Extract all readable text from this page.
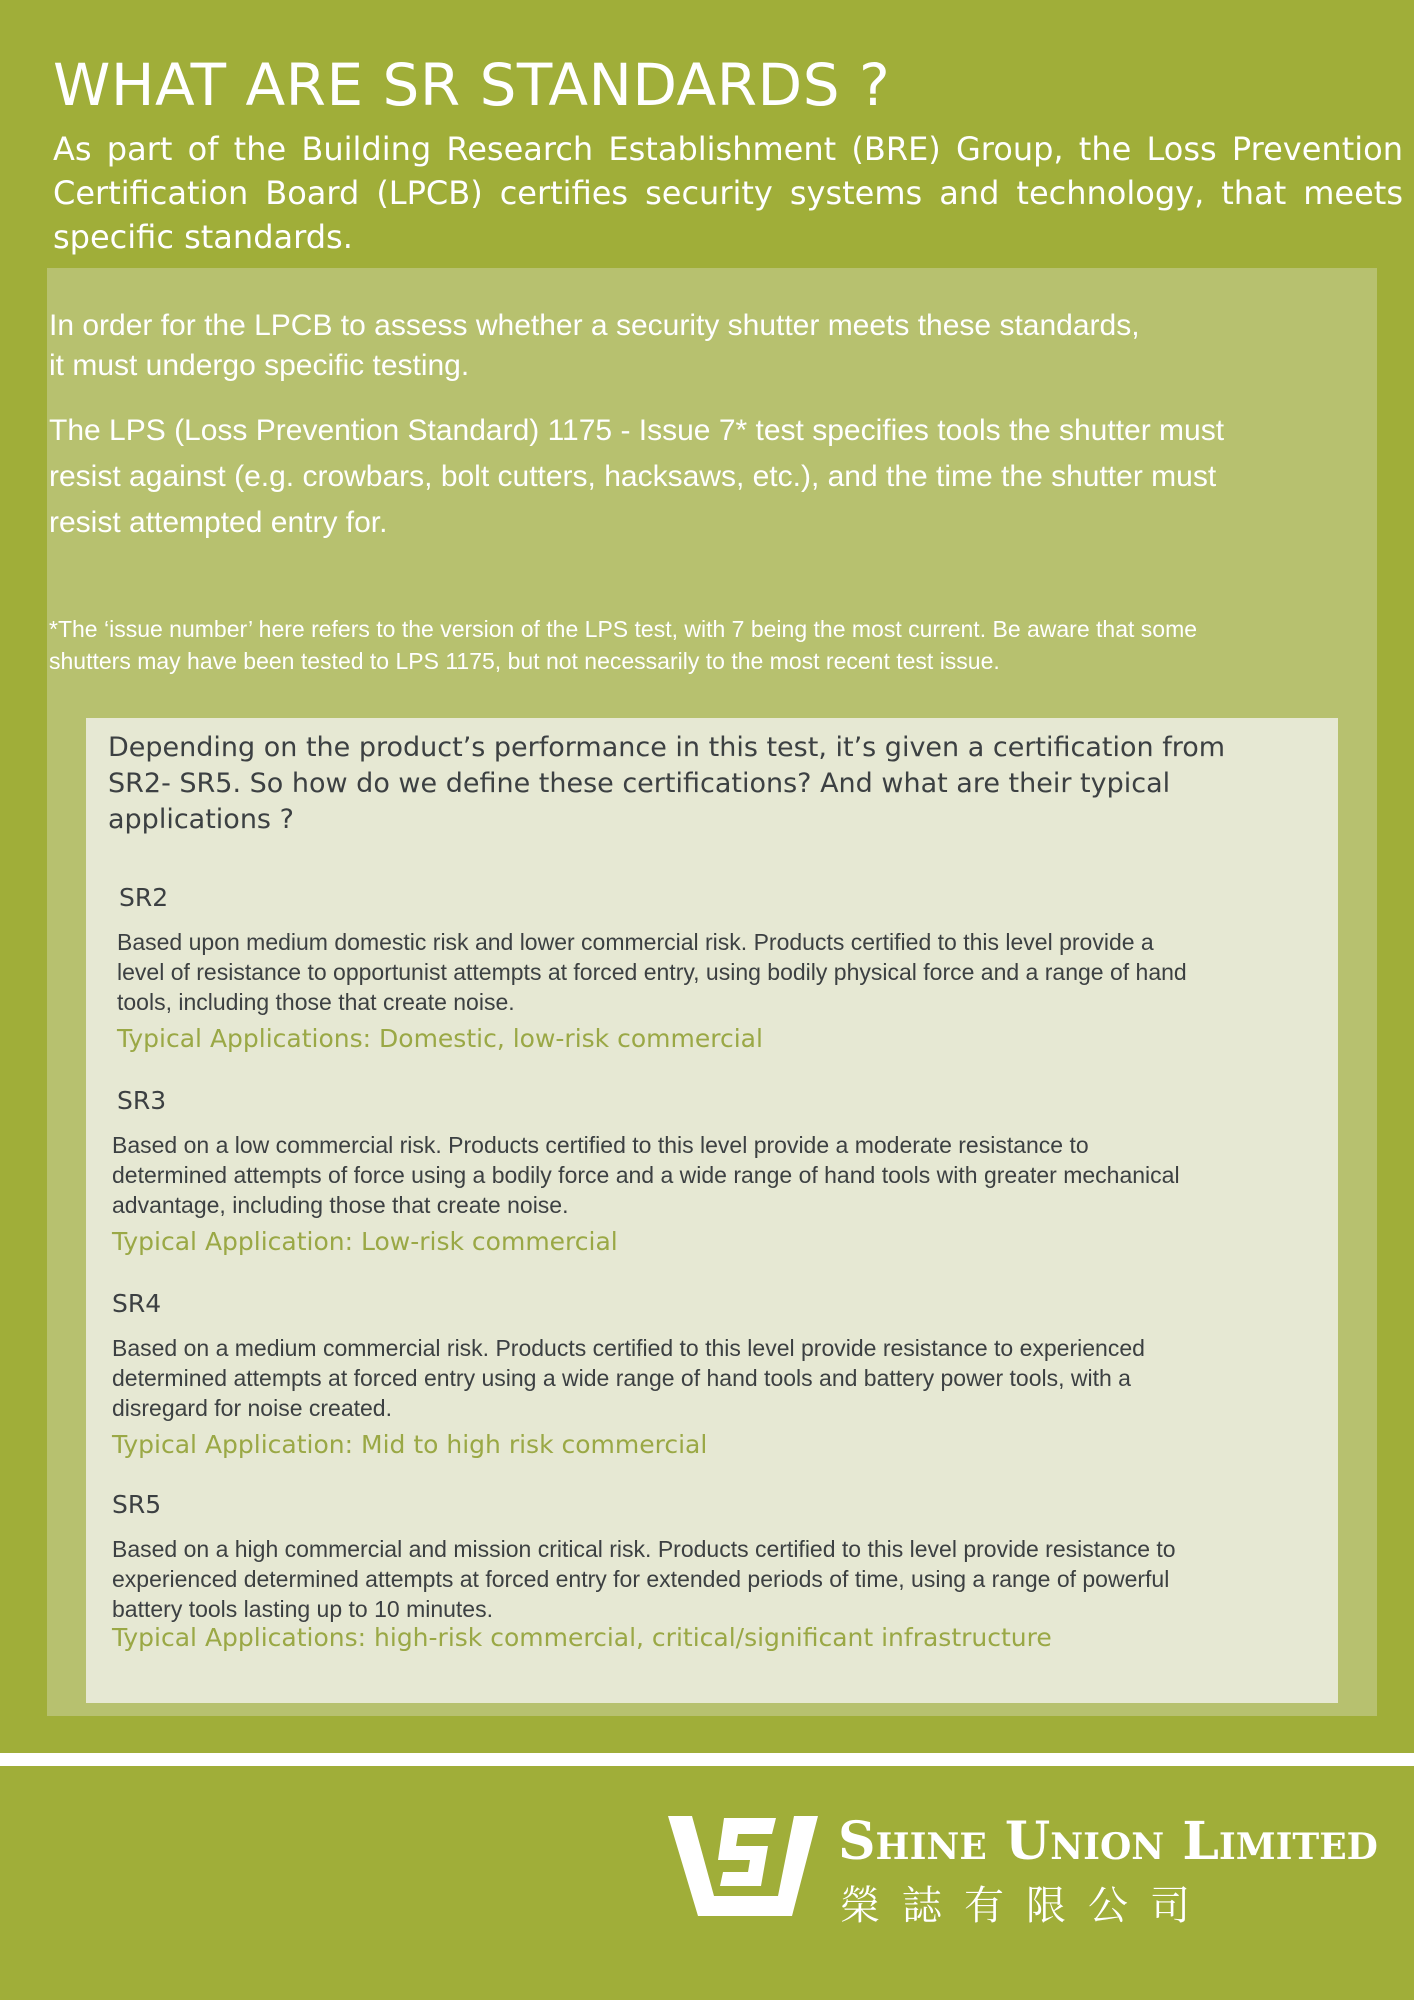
WHAT ARE SR STANDARDS ?

As part of the Building Research Establishment (BRE) Group, the Loss Prevention Certification Board (LPCB) certifies security systems and technology, that meets specific standards.

In order for the LPCB to assess whether a security shutter meets these standards,
it must undergo specific testing.

The LPS (Loss Prevention Standard) 1175 - Issue 7* test specifies tools the shutter must
resist against (e.g. crowbars, bolt cutters, hacksaws, etc.), and the time the shutter must
resist attempted entry for.

*The ‘issue number’ here refers to the version of the LPS test, with 7 being the most current. Be aware that some
shutters may have been tested to LPS 1175, but not necessarily to the most recent test issue.

Depending on the product’s performance in this test, it’s given a certification from
SR2- SR5. So how do we define these certifications? And what are their typical
applications ?

SR2

Based upon medium domestic risk and lower commercial risk. Products certified to this level provide a
level of resistance to opportunist attempts at forced entry, using bodily physical force and a range of hand
tools, including those that create noise.

Typical Applications: Domestic, low-risk commercial

SR3

Based on a low commercial risk. Products certified to this level provide a moderate resistance to
determined attempts of force using a bodily force and a wide range of hand tools with greater mechanical
advantage, including those that create noise.

Typical Application: Low-risk commercial

SR4

Based on a medium commercial risk. Products certified to this level provide resistance to experienced
determined attempts at forced entry using a wide range of hand tools and battery power tools, with a
disregard for noise created.

Typical Application: Mid to high risk commercial

SR5

Based on a high commercial and mission critical risk. Products certified to this level provide resistance to
experienced determined attempts at forced entry for extended periods of time, using a range of powerful
battery tools lasting up to 10 minutes.

Typical Applications: high-risk commercial, critical/significant infrastructure

Shine Union Limited
榮誌有限公司
